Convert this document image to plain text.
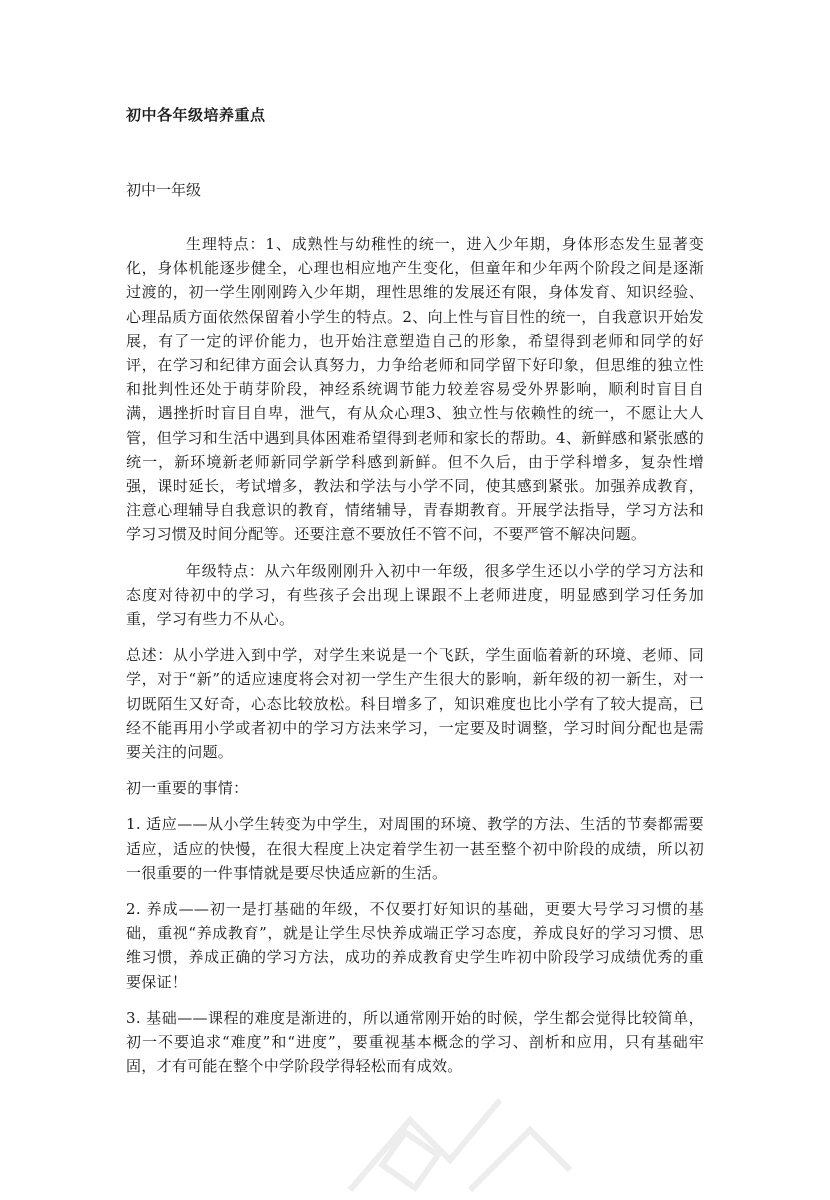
初中各年级培养重点
初中一年级

生理特点：1、成熟性与幼稚性的统一，进入少年期，身体形态发生显著变化，身体机能逐步健全，心理也相应地产生变化，但童年和少年两个阶段之间是逐渐过渡的，初一学生刚刚跨入少年期，理性思维的发展还有限，身体发育、知识经验、心理品质方面依然保留着小学生的特点。2、向上性与盲目性的统一，自我意识开始发展，有了一定的评价能力，也开始注意塑造自己的形象，希望得到老师和同学的好评，在学习和纪律方面会认真努力，力争给老师和同学留下好印象，但思维的独立性和批判性还处于萌芽阶段，神经系统调节能力较差容易受外界影响，顺利时盲目自满，遇挫折时盲目自卑，泄气，有从众心理3、独立性与依赖性的统一，不愿让大人管，但学习和生活中遇到具体困难希望得到老师和家长的帮助。4、新鲜感和紧张感的统一，新环境新老师新同学新学科感到新鲜。但不久后，由于学科增多，复杂性增强，课时延长，考试增多，教法和学法与小学不同，使其感到紧张。加强养成教育，注意心理辅导自我意识的教育，情绪辅导，青春期教育。开展学法指导，学习方法和学习习惯及时间分配等。还要注意不要放任不管不问，不要严管不解决问题。

年级特点：从六年级刚刚升入初中一年级，很多学生还以小学的学习方法和态度对待初中的学习，有些孩子会出现上课跟不上老师进度，明显感到学习任务加重，学习有些力不从心。

总述：从小学进入到中学，对学生来说是一个飞跃，学生面临着新的环境、老师、同学，对于“新”的适应速度将会对初一学生产生很大的影响，新年级的初一新生，对一切既陌生又好奇，心态比较放松。科目增多了，知识难度也比小学有了较大提高，已经不能再用小学或者初中的学习方法来学习，一定要及时调整，学习时间分配也是需要关注的问题。

初一重要的事情：

1. 适应——从小学生转变为中学生，对周围的环境、教学的方法、生活的节奏都需要适应，适应的快慢，在很大程度上决定着学生初一甚至整个初中阶段的成绩，所以初一很重要的一件事情就是要尽快适应新的生活。

2. 养成——初一是打基础的年级，不仅要打好知识的基础，更要大号学习习惯的基础，重视“养成教育”，就是让学生尽快养成端正学习态度，养成良好的学习习惯、思维习惯，养成正确的学习方法，成功的养成教育史学生咋初中阶段学习成绩优秀的重要保证！

3. 基础——课程的难度是渐进的，所以通常刚开始的时候，学生都会觉得比较简单，初一不要追求“难度”和“进度”，要重视基本概念的学习、剖析和应用，只有基础牢固，才有可能在整个中学阶段学得轻松而有成效。
